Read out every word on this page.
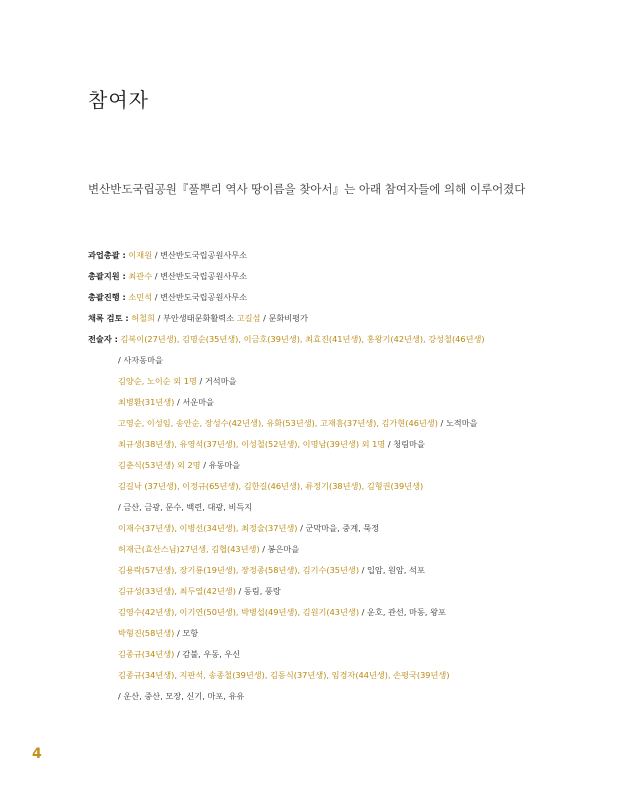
참여자
변산반도국립공원『풀뿌리 역사 땅이름을 찾아서』는 아래 참여자들에 의해 이루어졌다
과업총괄 : 이재원 / 변산반도국립공원사무소
총괄지원 : 최관수 / 변산반도국립공원사무소
총괄진행 : 소민석 / 변산반도국립공원사무소
채록 검토 : 허철희 / 부안생태문화활력소 고길섬 / 문화비평가
전술자 : 김복이(27년생), 김명순(35년생), 이금호(39년생), 최효진(41년생), 홍왕기(42년생), 강성철(46년생)
/ 사자동마을
김양순, 노이순 외 1명 / 거석마을
최병환(31년생) / 서운마을
고영순, 이성임, 송안순, 장성수(42년생), 유화(53년생), 고재흠(37년생), 김가현(46년생) / 노적마을
최규생(38년생), 유영석(37년생), 이성철(52년생), 이명남(39년생) 외 1명 / 청림마을
김춘식(53년생) 외 2명 / 유동마을
김길낙 (37년생), 이정규(65년생), 김한길(46년생), 류정기(38년생), 김형권(39년생)
/ 금산, 금광, 문수, 백련, 대광, 비득지
이재수(37년생), 이병선(34년생), 최정술(37년생) / 군막마을, 중계, 묵정
허재근(효산스님)27년생, 김협(43년생) / 봉은마을
김용락(57년생), 장기룡(19년생), 장정종(58년생), 김기수(35년생) / 입암, 원암, 석포
김규성(33년생), 최두열(42년생) / 동림, 풍랑
김영수(42년생), 이기연(50년생), 박병섭(49년생), 김원기(43년생) / 운호, 관선, 마동, 왕포
박형진(58년생) / 모항
김종규(34년생) / 감불, 우동, 우신
김종규(34년생), 지판석, 송종철(39년생), 김동식(37년생), 임경자(44년생), 손평국(39년생)
/ 운산, 중산, 모장, 신기, 마포, 유유
4
